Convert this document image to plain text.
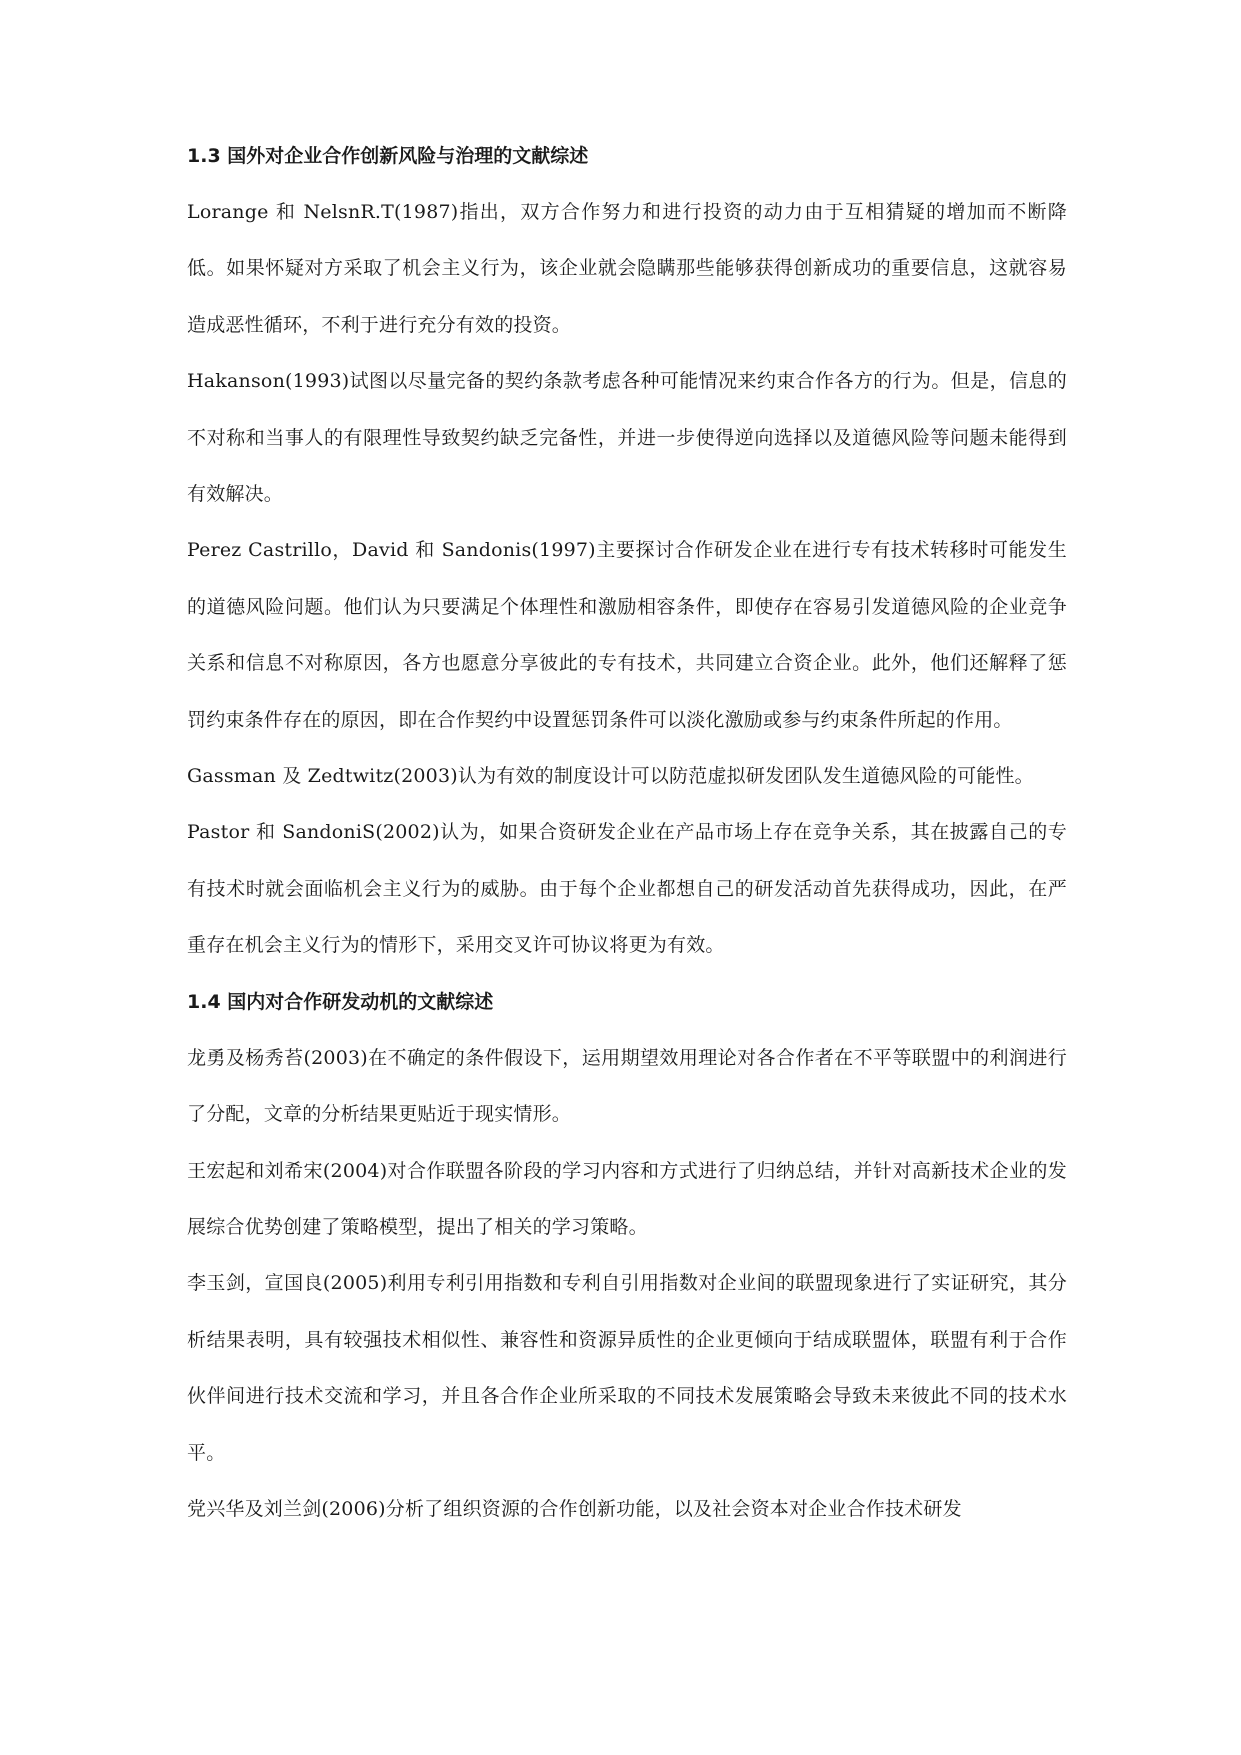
1.3 国外对企业合作创新风险与治理的文献综述

Lorange 和 NelsnR.T(1987)指出，双方合作努力和进行投资的动力由于互相猜疑的增加而不断降低。如果怀疑对方采取了机会主义行为，该企业就会隐瞒那些能够获得创新成功的重要信息，这就容易造成恶性循环，不利于进行充分有效的投资。

Hakanson(1993)试图以尽量完备的契约条款考虑各种可能情况来约束合作各方的行为。但是，信息的不对称和当事人的有限理性导致契约缺乏完备性，并进一步使得逆向选择以及道德风险等问题未能得到有效解决。

Perez Castrillo，David 和 Sandonis(1997)主要探讨合作研发企业在进行专有技术转移时可能发生的道德风险问题。他们认为只要满足个体理性和激励相容条件，即使存在容易引发道德风险的企业竞争关系和信息不对称原因，各方也愿意分享彼此的专有技术，共同建立合资企业。此外，他们还解释了惩罚约束条件存在的原因，即在合作契约中设置惩罚条件可以淡化激励或参与约束条件所起的作用。

Gassman 及 Zedtwitz(2003)认为有效的制度设计可以防范虚拟研发团队发生道德风险的可能性。

Pastor 和 SandoniS(2002)认为，如果合资研发企业在产品市场上存在竞争关系，其在披露自己的专有技术时就会面临机会主义行为的威胁。由于每个企业都想自己的研发活动首先获得成功，因此，在严重存在机会主义行为的情形下，采用交叉许可协议将更为有效。

1.4 国内对合作研发动机的文献综述

龙勇及杨秀苔(2003)在不确定的条件假设下，运用期望效用理论对各合作者在不平等联盟中的利润进行了分配，文章的分析结果更贴近于现实情形。

王宏起和刘希宋(2004)对合作联盟各阶段的学习内容和方式进行了归纳总结，并针对高新技术企业的发展综合优势创建了策略模型，提出了相关的学习策略。

李玉剑，宣国良(2005)利用专利引用指数和专利自引用指数对企业间的联盟现象进行了实证研究，其分析结果表明，具有较强技术相似性、兼容性和资源异质性的企业更倾向于结成联盟体，联盟有利于合作伙伴间进行技术交流和学习，并且各合作企业所采取的不同技术发展策略会导致未来彼此不同的技术水平。

党兴华及刘兰剑(2006)分析了组织资源的合作创新功能，以及社会资本对企业合作技术研发
